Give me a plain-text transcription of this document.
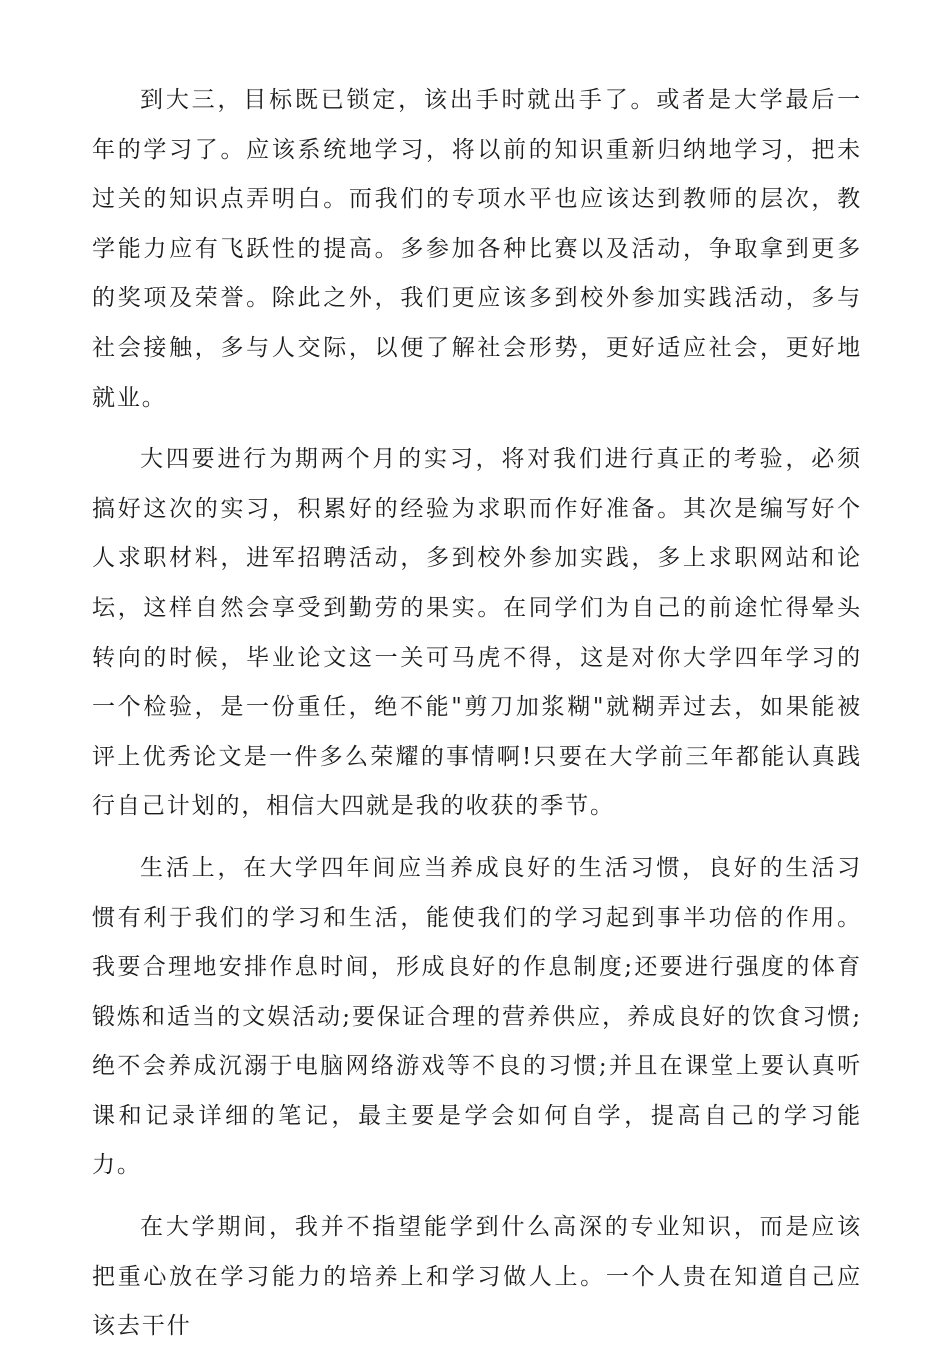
到大三，目标既已锁定，该出手时就出手了。或者是大学最后一年的学习了。应该系统地学习，将以前的知识重新归纳地学习，把未过关的知识点弄明白。而我们的专项水平也应该达到教师的层次，教学能力应有飞跃性的提高。多参加各种比赛以及活动，争取拿到更多的奖项及荣誉。除此之外，我们更应该多到校外参加实践活动，多与社会接触，多与人交际，以便了解社会形势，更好适应社会，更好地就业。

大四要进行为期两个月的实习，将对我们进行真正的考验，必须搞好这次的实习，积累好的经验为求职而作好准备。其次是编写好个人求职材料，进军招聘活动，多到校外参加实践，多上求职网站和论坛，这样自然会享受到勤劳的果实。在同学们为自己的前途忙得晕头转向的时候，毕业论文这一关可马虎不得，这是对你大学四年学习的一个检验，是一份重任，绝不能"剪刀加浆糊"就糊弄过去，如果能被评上优秀论文是一件多么荣耀的事情啊!只要在大学前三年都能认真践行自己计划的，相信大四就是我的收获的季节。

生活上，在大学四年间应当养成良好的生活习惯，良好的生活习惯有利于我们的学习和生活，能使我们的学习起到事半功倍的作用。我要合理地安排作息时间，形成良好的作息制度;还要进行强度的体育锻炼和适当的文娱活动;要保证合理的营养供应，养成良好的饮食习惯;绝不会养成沉溺于电脑网络游戏等不良的习惯;并且在课堂上要认真听课和记录详细的笔记，最主要是学会如何自学，提高自己的学习能力。

在大学期间，我并不指望能学到什么高深的专业知识，而是应该把重心放在学习能力的培养上和学习做人上。一个人贵在知道自己应该去干什
